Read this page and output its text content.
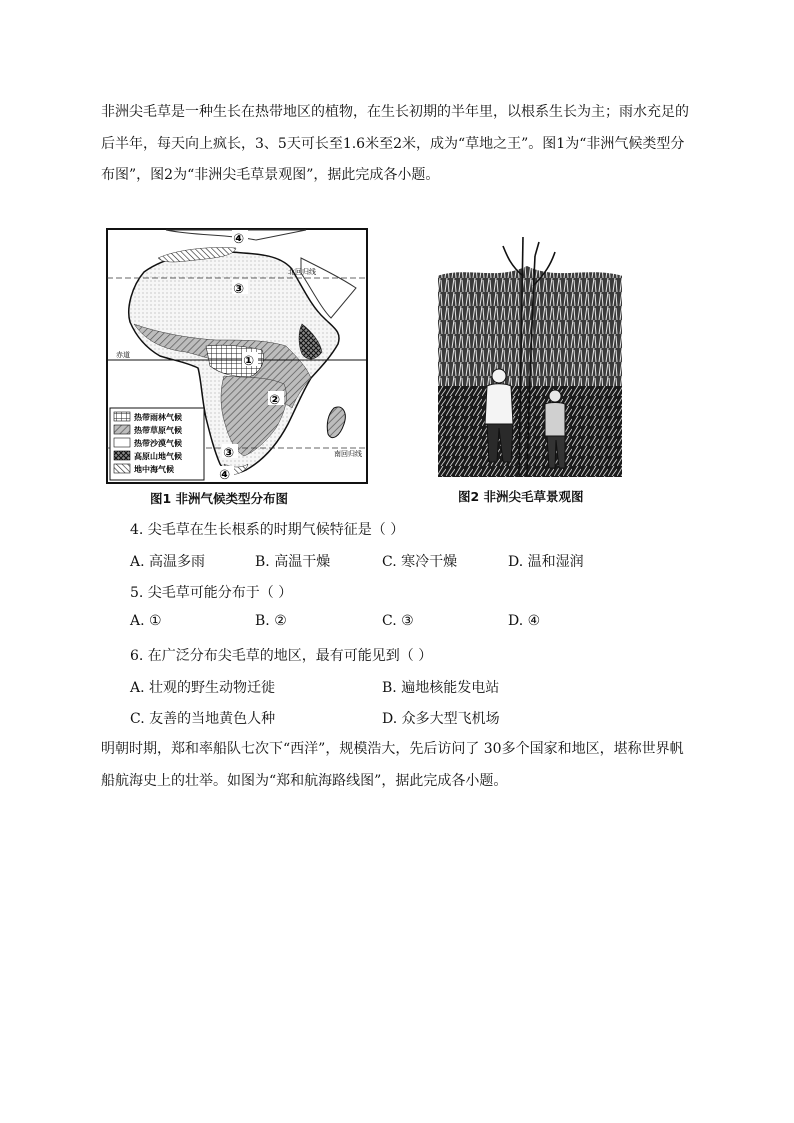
非洲尖毛草是一种生长在热带地区的植物，在生长初期的半年里，以根系生长为主；雨水充足的后半年，每天向上疯长，3、5天可长至1.6米至2米，成为“草地之王”。图1为“非洲气候类型分布图”，图2为“非洲尖毛草景观图”，据此完成各小题。

北回归线
赤道
南回归线
④
③
①
②
③
④
热带雨林气候
热带草原气候
热带沙漠气候
高原山地气候
地中海气候
图1 非洲气候类型分布图	图2 非洲尖毛草景观图
4. 尖毛草在生长根系的时期气候特征是（ ）
A. 高温多雨	B. 高温干燥	C. 寒冷干燥	D. 温和湿润
5. 尖毛草可能分布于（ ）
A. ①	B. ②	C. ③	D. ④
6. 在广泛分布尖毛草的地区，最有可能见到（ ）
A. 壮观的野生动物迁徙	B. 遍地核能发电站
C. 友善的当地黄色人种	D. 众多大型飞机场

明朝时期，郑和率船队七次下“西洋”，规模浩大，先后访问了 30多个国家和地区，堪称世界帆船航海史上的壮举。如图为“郑和航海路线图”，据此完成各小题。
